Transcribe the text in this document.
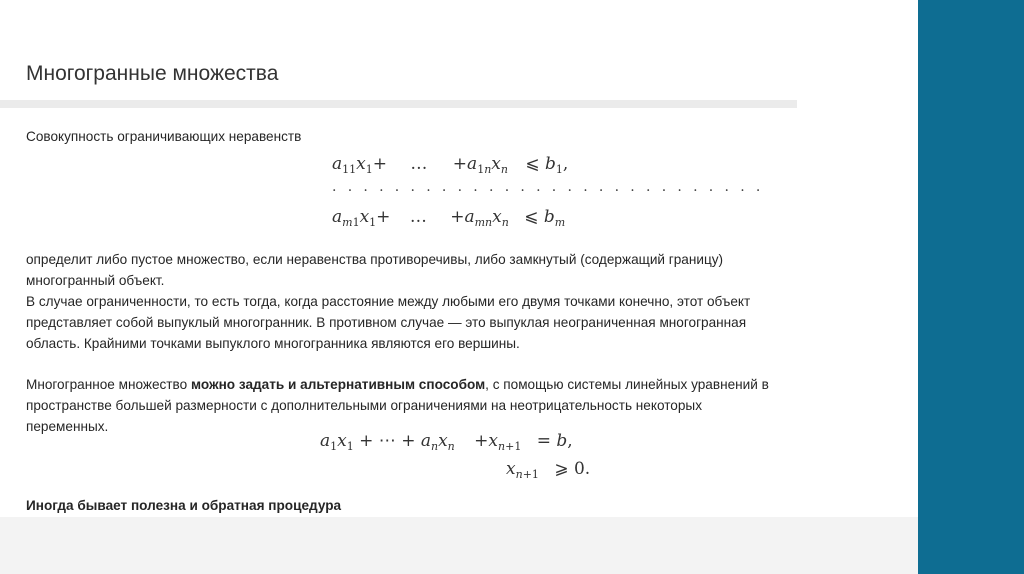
Многогранные множества

Совокупность ограничивающих неравенств

$a_{11}x_1+$ … $+a_{1n}x_n$ ⩽ $b_1$,
. . . . . . . . . . . . . . . . . . . . . . . . . . . .
$a_{m1}x_1+$ … $+a_{mn}x_n$ ⩽ $b_m$

определит либо пустое множество, если неравенства противоречивы, либо замкнутый (содержащий границу)

многогранный объект.

В случае ограниченности, то есть тогда, когда расстояние между любыми его двумя точками конечно, этот объект

представляет собой выпуклый многогранник. В противном случае — это выпуклая неограниченная многогранная

область. Крайними точками выпуклого многогранника являются его вершины.

Многогранное множество можно задать и альтернативным способом, с помощью системы линейных уравнений в

пространстве большей размерности с дополнительными ограничениями на неотрицательность некоторых

переменных.

$a_1x_1$ + ⋯ + $a_nx_n +x_{n+1} = b$,
$x_{n+1}$ ⩾ 0.

Иногда бывает полезна и обратная процедура
